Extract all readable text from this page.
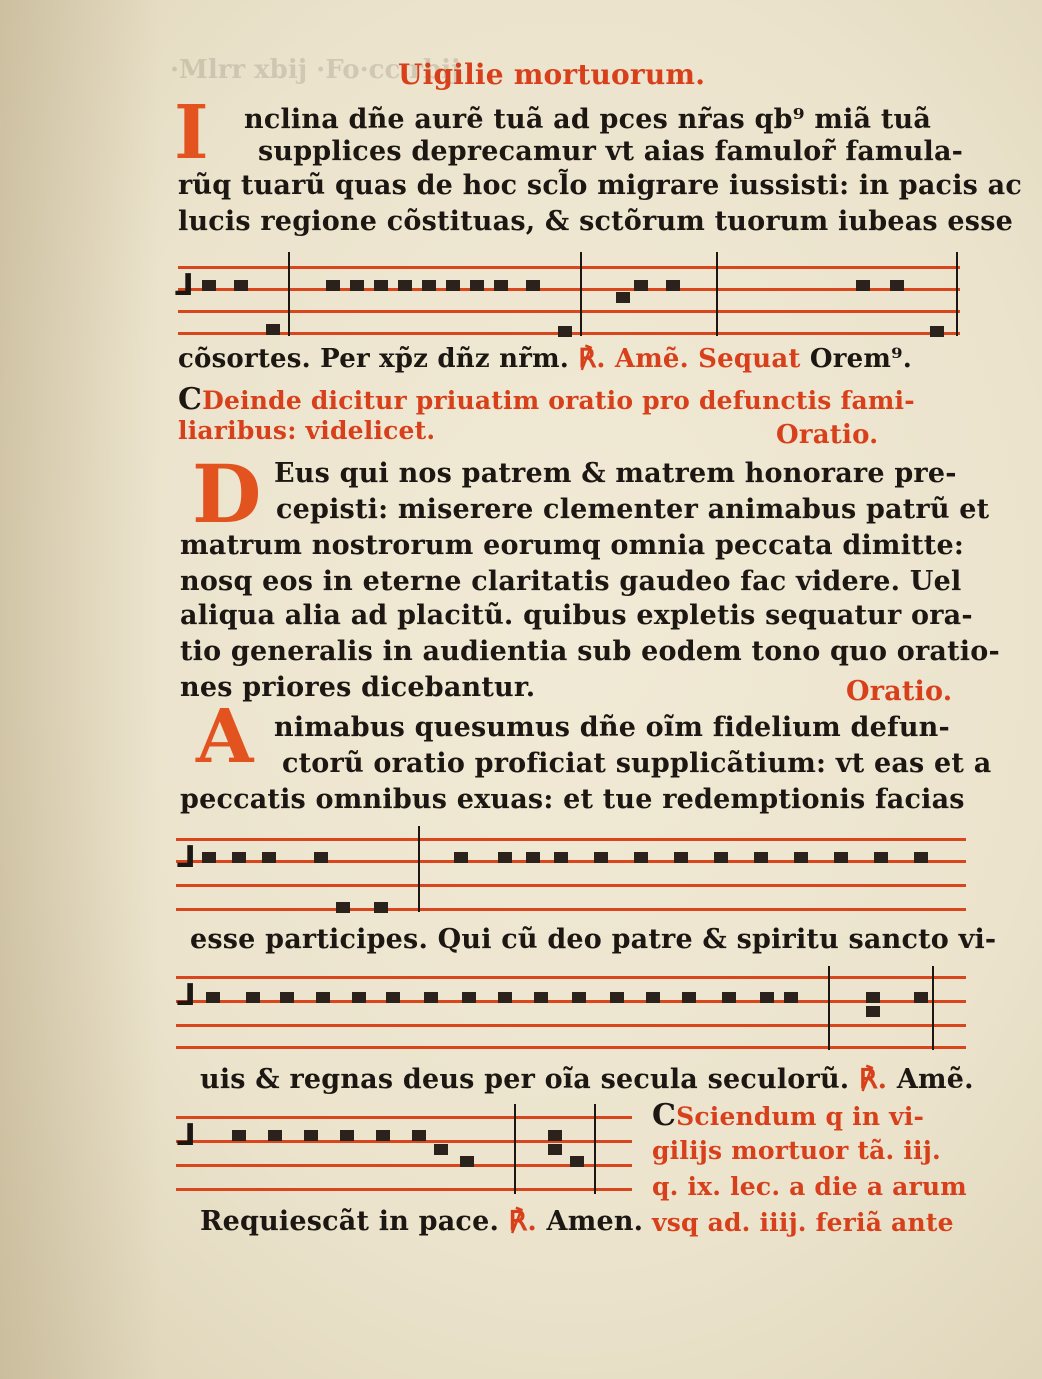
·Mlrr xbij ·Fo·cc rbij
Uigilie mortuorum.
I nclina dñe aurẽ tuã ad pces nr̃as qb⁹ miã tuã
supplices deprecamur vt aias famulor̃ famula-
rũq tuarũ quas de hoc scl̃o migrare iussisti: in pacis ac
lucis regione cõstituas, & sctõrum tuorum iubeas esse
⅃
cõsortes. Per xp̃z dñz nr̃m. ℟. Amẽ. Sequat Orem⁹.
CDeinde dicitur priuatim oratio pro defunctis fami-
liaribus: videlicet.	Oratio.
D Eus qui nos patrem & matrem honorare pre-
cepisti: miserere clementer animabus patrũ et
matrum nostrorum eorumq omnia peccata dimitte:
nosq eos in eterne claritatis gaudeo fac videre. Uel
aliqua alia ad placitũ. quibus expletis sequatur ora-
tio generalis in audientia sub eodem tono quo oratio-
nes priores dicebantur.	Oratio.
A nimabus quesumus dñe oĩm fidelium defun-
ctorũ oratio proficiat supplicãtium: vt eas et a
peccatis omnibus exuas: et tue redemptionis facias
⅃
esse participes. Qui cũ deo patre & spiritu sancto vi-
⅃
uis & regnas deus per oĩa secula seculorũ. ℟. Amẽ.
⅃
Requiescãt in pace. ℟. Amen.
CSciendum q in vi-
gilijs mortuor tã. iij.
q. ix. lec. a die a arum
vsq ad. iiij. feriã ante
